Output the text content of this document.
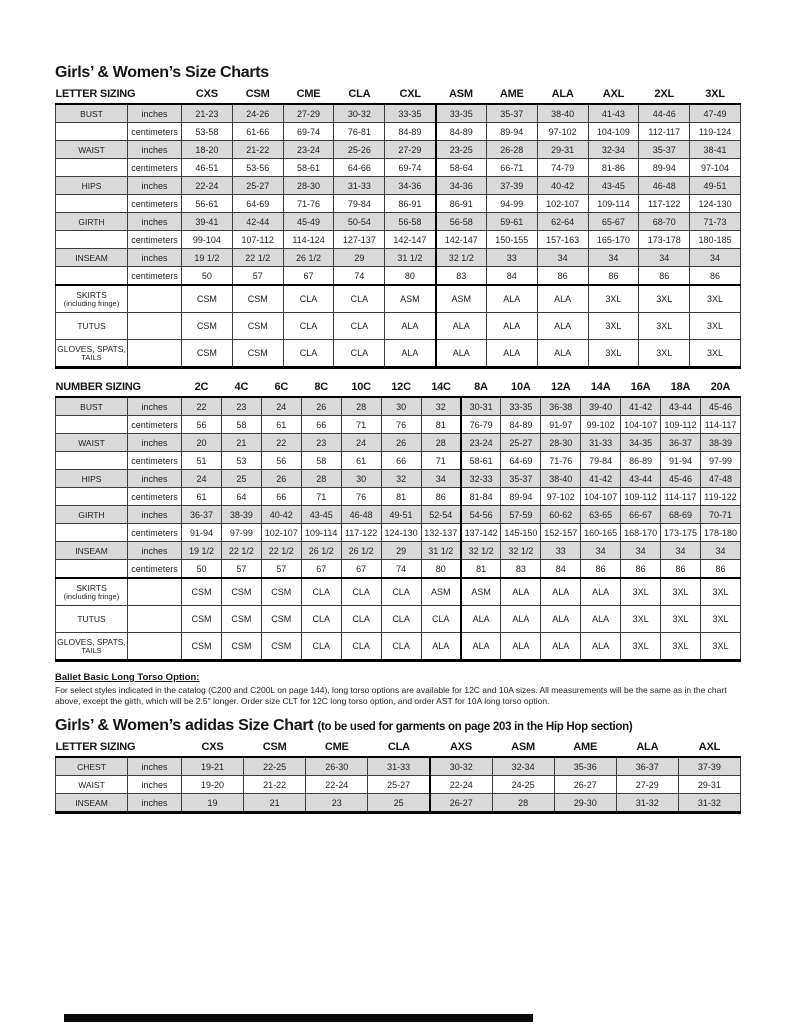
Girls’ & Women’s Size Charts
LETTER SIZING		CXS	CSM	CME	CLA	CXL	ASM	AME	ALA	AXL	2XL	3XL
BUST	inches	21-23	24-26	27-29	30-32	33-35	33-35	35-37	38-40	41-43	44-46	47-49
	centimeters	53-58	61-66	69-74	76-81	84-89	84-89	89-94	97-102	104-109	112-117	119-124
WAIST	inches	18-20	21-22	23-24	25-26	27-29	23-25	26-28	29-31	32-34	35-37	38-41
	centimeters	46-51	53-56	58-61	64-66	69-74	58-64	66-71	74-79	81-86	89-94	97-104
HIPS	inches	22-24	25-27	28-30	31-33	34-36	34-36	37-39	40-42	43-45	46-48	49-51
	centimeters	56-61	64-69	71-76	79-84	86-91	86-91	94-99	102-107	109-114	117-122	124-130
GIRTH	inches	39-41	42-44	45-49	50-54	56-58	56-58	59-61	62-64	65-67	68-70	71-73
	centimeters	99-104	107-112	114-124	127-137	142-147	142-147	150-155	157-163	165-170	173-178	180-185
INSEAM	inches	19 1/2	22 1/2	26 1/2	29	31 1/2	32 1/2	33	34	34	34	34
	centimeters	50	57	67	74	80	83	84	86	86	86	86

SKIRTS
(including fringe)		CSM	CSM	CLA	CLA	ASM	ASM	ALA	ALA	3XL	3XL	3XL
TUTUS		CSM	CSM	CLA	CLA	ALA	ALA	ALA	ALA	3XL	3XL	3XL

GLOVES, SPATS,
TAILS		CSM	CSM	CLA	CLA	ALA	ALA	ALA	ALA	3XL	3XL	3XL
NUMBER SIZING		2C	4C	6C	8C	10C	12C	14C	8A	10A	12A	14A	16A	18A	20A
BUST	inches	22	23	24	26	28	30	32	30-31	33-35	36-38	39-40	41-42	43-44	45-46
	centimeters	56	58	61	66	71	76	81	76-79	84-89	91-97	99-102	104-107	109-112	114-117
WAIST	inches	20	21	22	23	24	26	28	23-24	25-27	28-30	31-33	34-35	36-37	38-39
	centimeters	51	53	56	58	61	66	71	58-61	64-69	71-76	79-84	86-89	91-94	97-99
HIPS	inches	24	25	26	28	30	32	34	32-33	35-37	38-40	41-42	43-44	45-46	47-48
	centimeters	61	64	66	71	76	81	86	81-84	89-94	97-102	104-107	109-112	114-117	119-122
GIRTH	inches	36-37	38-39	40-42	43-45	46-48	49-51	52-54	54-56	57-59	60-62	63-65	66-67	68-69	70-71
	centimeters	91-94	97-99	102-107	109-114	117-122	124-130	132-137	137-142	145-150	152-157	160-165	168-170	173-175	178-180
INSEAM	inches	19 1/2	22 1/2	22 1/2	26 1/2	26 1/2	29	31 1/2	32 1/2	32 1/2	33	34	34	34	34
	centimeters	50	57	57	67	67	74	80	81	83	84	86	86	86	86

SKIRTS
(including fringe)		CSM	CSM	CSM	CLA	CLA	CLA	ASM	ASM	ALA	ALA	ALA	3XL	3XL	3XL
TUTUS		CSM	CSM	CSM	CLA	CLA	CLA	CLA	ALA	ALA	ALA	ALA	3XL	3XL	3XL

GLOVES, SPATS,
TAILS		CSM	CSM	CSM	CLA	CLA	CLA	ALA	ALA	ALA	ALA	ALA	3XL	3XL	3XL
Ballet Basic Long Torso Option:
For select styles indicated in the catalog (C200 and C200L on page 144), long torso options are available for 12C and 10A sizes. All measurements will be the same as in the chart above, except the girth, which will be 2.5" longer. Order size CLT for 12C long torso option, and order AST for 10A long torso option.
Girls’ & Women’s adidas Size Chart (to be used for garments on page 203 in the Hip Hop section)
LETTER SIZING		CXS	CSM	CME	CLA	AXS	ASM	AME	ALA	AXL
CHEST	inches	19-21	22-25	26-30	31-33	30-32	32-34	35-36	36-37	37-39
WAIST	inches	19-20	21-22	22-24	25-27	22-24	24-25	26-27	27-29	29-31
INSEAM	inches	19	21	23	25	26-27	28	29-30	31-32	31-32
